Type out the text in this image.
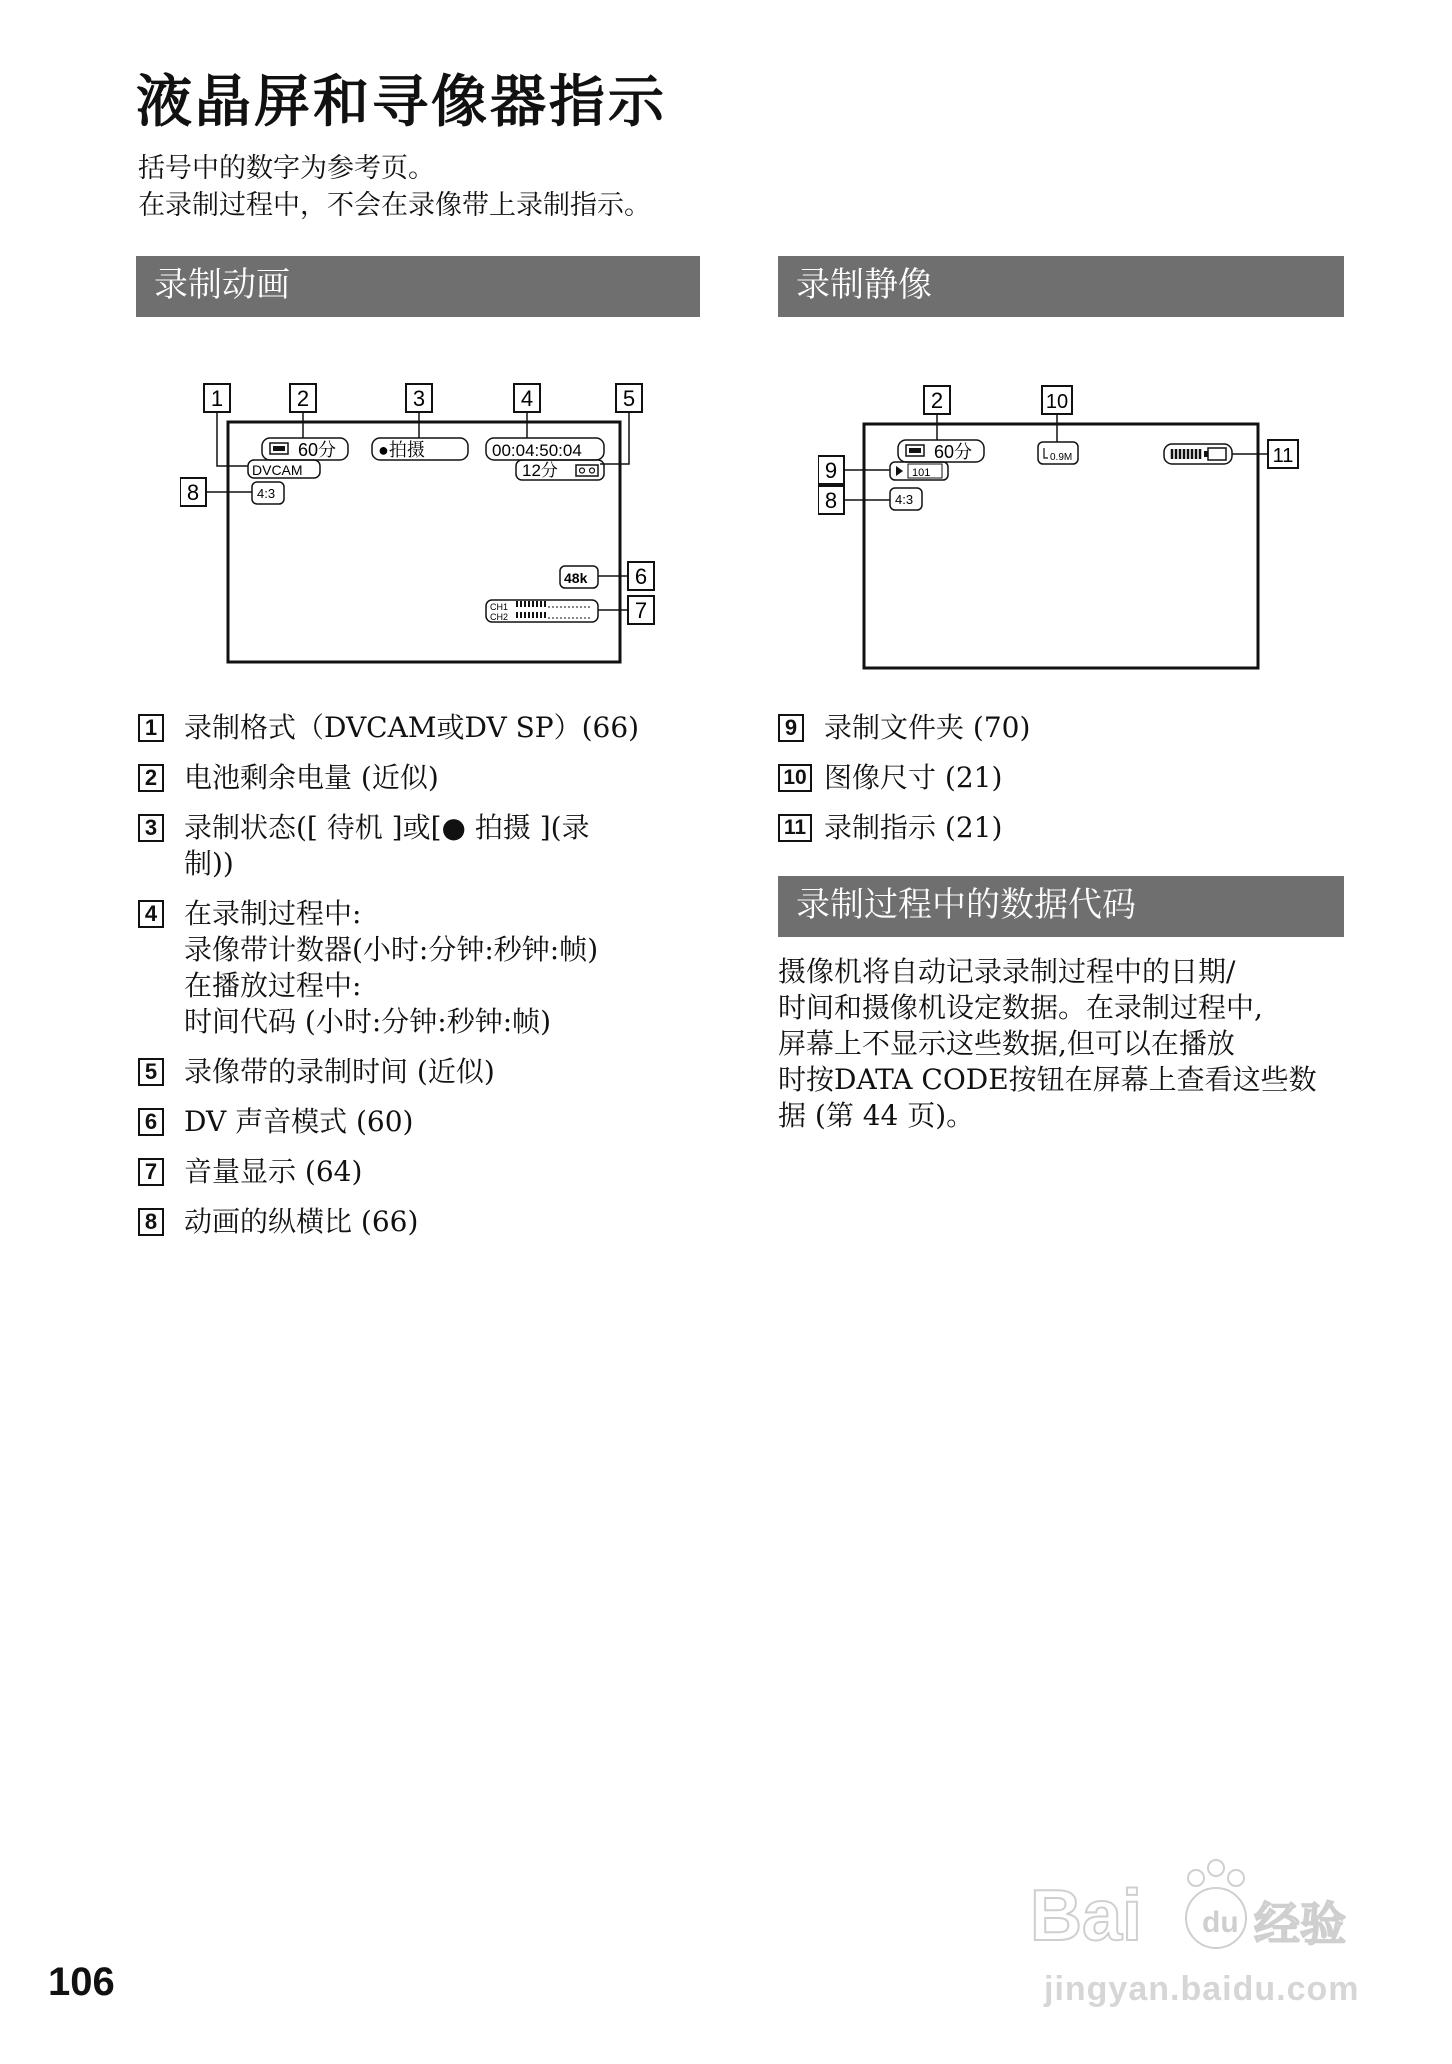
液晶屏和寻像器指示
括号中的数字为参考页。
在录制过程中，不会在录像带上录制指示。
录制动画
1	2	3	4	5
8
6
7
60分 ●拍摄	00:04:50:04
12分
DVCAM
4:3
48k
CH1
CH2
1 录制格式（DVCAM或DV SP）(66)
2 电池剩余电量 (近似)
3 录制状态([ 待机 ]或[● 拍摄 ](录
制))
4 在录制过程中:
录像带计数器(小时:分钟:秒钟:帧)
在播放过程中:
时间代码 (小时:分钟:秒钟:帧)
5 录像带的录制时间 (近似)
6 DV 声音模式 (60)
7 音量显示 (64)
8 动画的纵横比 (66)
录制静像
2	10
9
8
11
60分
101
4:3
0.9M
9 录制文件夹 (70)
10 图像尺寸 (21)
11 录制指示 (21)
录制过程中的数据代码
摄像机将自动记录录制过程中的日期/
时间和摄像机设定数据。在录制过程中,
屏幕上不显示这些数据,但可以在播放
时按DATA CODE按钮在屏幕上查看这些数
据 (第 44 页)。
106
Bai du 经验
jingyan.baidu.com
